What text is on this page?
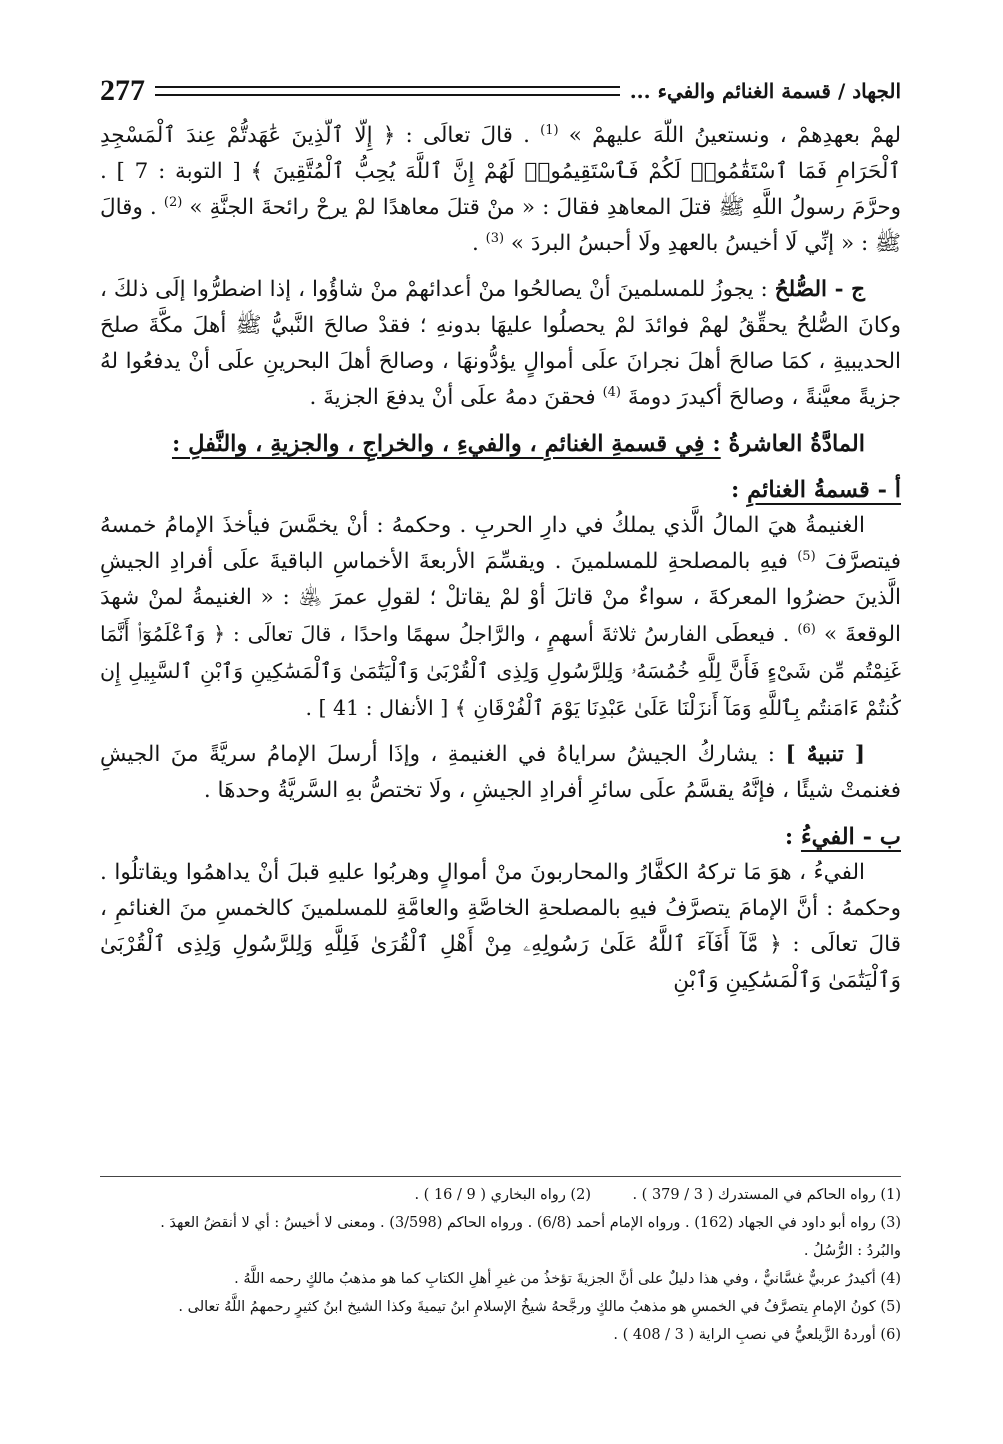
الجهاد / قسمة الغنائم والفيء ...
277

لهمْ بعهدِهمْ ، ونستعينُ اللَّهَ عليهمْ » $^{(1)}$ . قالَ تعالَى : ﴿ إِلَّا ٱلَّذِينَ عَٰهَدتُّمْ عِندَ ٱلْمَسْجِدِ ٱلْحَرَامِ فَمَا ٱسْتَقَٰمُوا۟ لَكُمْ فَٱسْتَقِيمُوا۟ لَهُمْ إِنَّ ٱللَّهَ يُحِبُّ ٱلْمُتَّقِينَ ﴾ [ التوبة : 7 ] . وحرَّمَ رسولُ اللَّهِ ﷺ قتلَ المعاهدِ فقالَ : « منْ قتلَ معاهدًا لمْ يرحْ رائحةَ الجنَّةِ » $^{(2)}$ . وقالَ ﷺ : « إنِّي لَا أخيسُ بالعهدِ ولَا أحبسُ البردَ » $^{(3)}$ .

ج - الصُّلحُ : يجوزُ للمسلمينَ أنْ يصالحُوا منْ أعدائهمْ منْ شاؤُوا ، إذا اضطرُّوا إلَى ذلكَ ، وكانَ الصُّلحُ يحقِّقُ لهمْ فوائدَ لمْ يحصلُوا عليهَا بدونهِ ؛ فقدْ صالحَ النَّبيُّ ﷺ أهلَ مكَّةَ صلحَ الحديبيةِ ، كمَا صالحَ أهلَ نجرانَ علَى أموالٍ يؤدُّونهَا ، وصالحَ أهلَ البحرينِ علَى أنْ يدفعُوا لهُ جزيةً معيَّنةً ، وصالحَ أكيدرَ دومةَ $^{(4)}$ فحقنَ دمهُ علَى أنْ يدفعَ الجزيةَ .

المادَّةُ العاشرةُ : فِي قسمةِ الغنائمِ ، والفيءِ ، والخراجِ ، والجزيةِ ، والنَّفلِ :

أ - قسمةُ الغنائمِ :

الغنيمةُ هيَ المالُ الَّذي يملكُ في دارِ الحربِ . وحكمهُ : أنْ يخمَّسَ فيأخذَ الإمامُ خمسهُ فيتصرَّفَ $^{(5)}$ فيهِ بالمصلحةِ للمسلمينَ . ويقسِّمَ الأربعةَ الأخماسِ الباقيةَ علَى أفرادِ الجيشِ الَّذينَ حضرُوا المعركةَ ، سواءٌ منْ قاتلَ أوْ لمْ يقاتلْ ؛ لقولِ عمرَ ﵁ : « الغنيمةُ لمنْ شهدَ الوقعةَ » $^{(6)}$ . فيعطَى الفارسُ ثلاثةَ أسهمٍ ، والرَّاجلُ سهمًا واحدًا ، قالَ تعالَى : ﴿ وَٱعْلَمُوٓا۟ أَنَّمَا غَنِمْتُم مِّن شَىْءٍ فَأَنَّ لِلَّهِ خُمُسَهُۥ وَلِلرَّسُولِ وَلِذِى ٱلْقُرْبَىٰ وَٱلْيَتَٰمَىٰ وَٱلْمَسَٰكِينِ وَٱبْنِ ٱلسَّبِيلِ إِن كُنتُمْ ءَامَنتُم بِٱللَّهِ وَمَآ أَنزَلْنَا عَلَىٰ عَبْدِنَا يَوْمَ ٱلْفُرْقَانِ ﴾ [ الأنفال : 41 ] .

[ تنبيهٌ ] : يشاركُ الجيشُ سراياهُ في الغنيمةِ ، وإذَا أرسلَ الإمامُ سريَّةً منَ الجيشِ فغنمتْ شيئًا ، فإنَّهُ يقسَّمُ علَى سائرِ أفرادِ الجيشِ ، ولَا تختصُّ بهِ السَّريَّةُ وحدهَا .

ب - الفيءُ :

الفيءُ ، هوَ مَا تركهُ الكفَّارُ والمحاربونَ منْ أموالٍ وهربُوا عليهِ قبلَ أنْ يداهمُوا ويقاتلُوا . وحكمهُ : أنَّ الإمامَ يتصرَّفُ فيهِ بالمصلحةِ الخاصَّةِ والعامَّةِ للمسلمينَ كالخمسِ منَ الغنائمِ ، قالَ تعالَى : ﴿ مَّآ أَفَآءَ ٱللَّهُ عَلَىٰ رَسُولِهِۦ مِنْ أَهْلِ ٱلْقُرَىٰ فَلِلَّهِ وَلِلرَّسُولِ وَلِذِى ٱلْقُرْبَىٰ وَٱلْيَتَٰمَىٰ وَٱلْمَسَٰكِينِ وَٱبْنِ

(1) رواه الحاكم في المستدرك ( 3 / 379 ) .
(2) رواه البخاري ( 9 / 16 ) .

(3) رواه أبو داود في الجهاد (162) . ورواه الإمام أحمد (6/8) . ورواه الحاكم (3/598) . ومعنى لا أخيسُ : أي لا أنقضُ العهدَ .

والبُردُ : الرُّسُلُ .

(4) أكيدرُ عربيٌّ غسَّانيٌّ ، وفي هذا دليلٌ على أنَّ الجزيةَ تؤخذُ من غيرِ أهلِ الكتابِ كما هو مذهبُ مالكٍ رحمه اللَّهُ .

(5) كونُ الإمامِ يتصرَّفُ في الخمسِ هو مذهبُ مالكٍ ورجَّحهُ شيخُ الإسلامِ ابنُ تيميةَ وكذا الشيخ ابنُ كثيرٍ رحمهمُ اللَّهُ تعالى .

(6) أوردهُ الزَّيلعيُّ في نصبِ الراية ( 3 / 408 ) .
